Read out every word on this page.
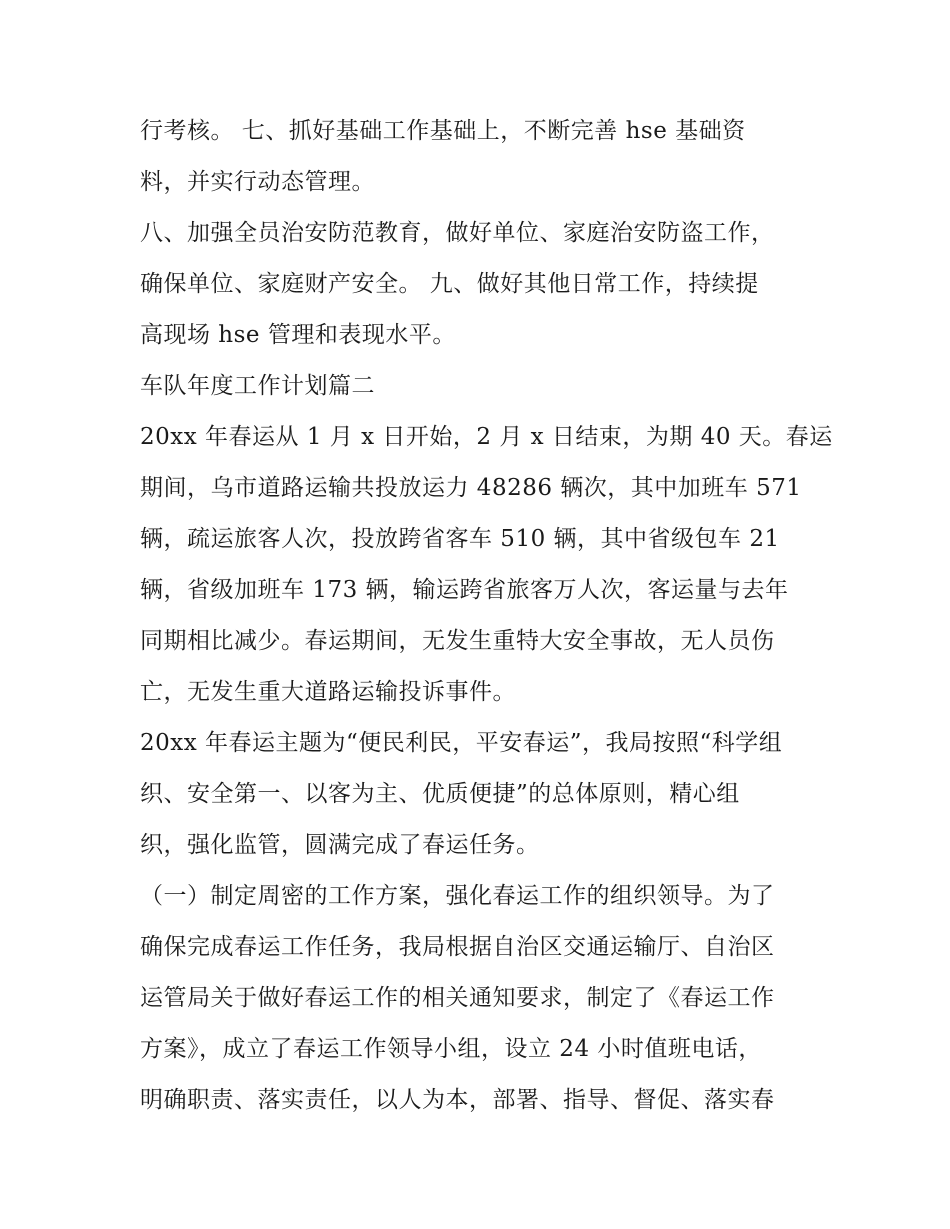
行考核。 七、抓好基础工作基础上，不断完善 hse 基础资
料，并实行动态管理。
八、加强全员治安防范教育，做好单位、家庭治安防盗工作，
确保单位、家庭财产安全。 九、做好其他日常工作，持续提
高现场 hse 管理和表现水平。
车队年度工作计划篇二
20xx 年春运从 1 月 x 日开始，2 月 x 日结束，为期 40 天。春运
期间，乌市道路运输共投放运力 48286 辆次，其中加班车 571
辆，疏运旅客人次，投放跨省客车 510 辆，其中省级包车 21
辆，省级加班车 173 辆，输运跨省旅客万人次，客运量与去年
同期相比减少。春运期间，无发生重特大安全事故，无人员伤
亡，无发生重大道路运输投诉事件。
20xx 年春运主题为“便民利民，平安春运”，我局按照“科学组
织、安全第一、以客为主、优质便捷”的总体原则，精心组
织，强化监管，圆满完成了春运任务。
（一）制定周密的工作方案，强化春运工作的组织领导。为了
确保完成春运工作任务，我局根据自治区交通运输厅、自治区
运管局关于做好春运工作的相关通知要求，制定了《春运工作
方案》，成立了春运工作领导小组，设立 24 小时值班电话，
明确职责、落实责任，以人为本，部署、指导、督促、落实春
